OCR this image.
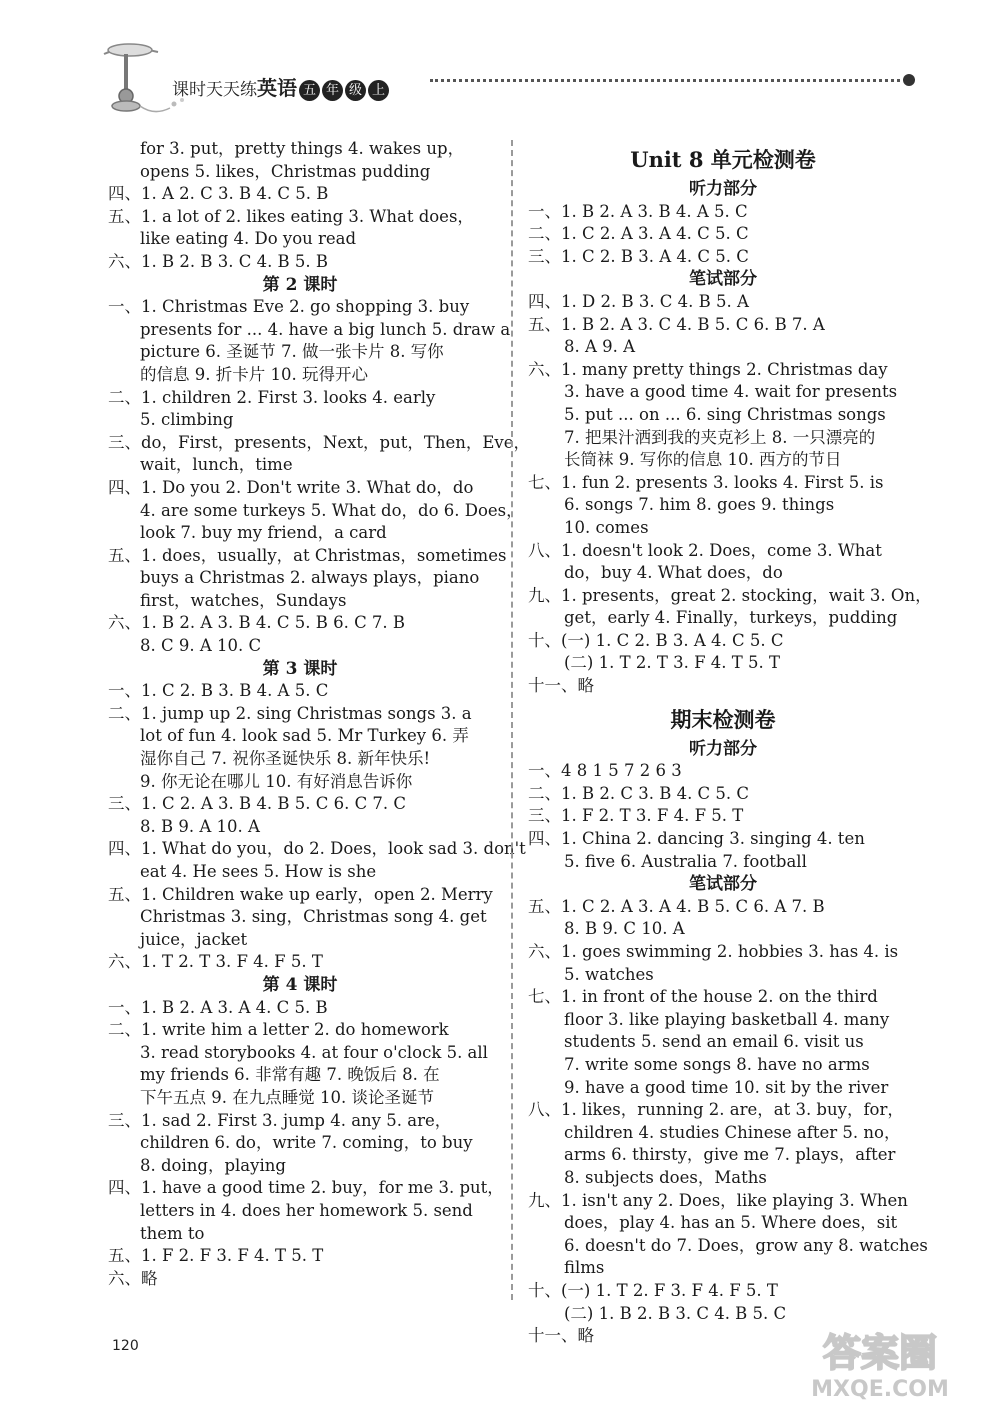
课时天天练英语 五 年 级 上
for 3. put，pretty things 4. wakes up，
opens 5. likes，Christmas pudding
四、1. A 2. C 3. B 4. C 5. B
五、1. a lot of 2. likes eating 3. What does，
like eating 4. Do you read
六、1. B 2. B 3. C 4. B 5. B
第 2 课时
一、1. Christmas Eve 2. go shopping 3. buy
presents for ... 4. have a big lunch 5. draw a
picture 6. 圣诞节 7. 做一张卡片 8. 写你
的信息 9. 折卡片 10. 玩得开心
二、1. children 2. First 3. looks 4. early
5. climbing
三、do，First，presents，Next，put，Then，Eve，
wait，lunch，time
四、1. Do you 2. Don't write 3. What do，do
4. are some turkeys 5. What do，do 6. Does，
look 7. buy my friend，a card
五、1. does，usually，at Christmas，sometimes
buys a Christmas 2. always plays，piano
first，watches，Sundays
六、1. B 2. A 3. B 4. C 5. B 6. C 7. B
8. C 9. A 10. C
第 3 课时
一、1. C 2. B 3. B 4. A 5. C
二、1. jump up 2. sing Christmas songs 3. a
lot of fun 4. look sad 5. Mr Turkey 6. 弄
湿你自己 7. 祝你圣诞快乐 8. 新年快乐!
9. 你无论在哪儿 10. 有好消息告诉你
三、1. C 2. A 3. B 4. B 5. C 6. C 7. C
8. B 9. A 10. A
四、1. What do you，do 2. Does，look sad 3. don't
eat 4. He sees 5. How is she
五、1. Children wake up early，open 2. Merry
Christmas 3. sing，Christmas song 4. get
juice，jacket
六、1. T 2. T 3. F 4. F 5. T
第 4 课时
一、1. B 2. A 3. A 4. C 5. B
二、1. write him a letter 2. do homework
3. read storybooks 4. at four o'clock 5. all
my friends 6. 非常有趣 7. 晚饭后 8. 在
下午五点 9. 在九点睡觉 10. 谈论圣诞节
三、1. sad 2. First 3. jump 4. any 5. are，
children 6. do，write 7. coming，to buy
8. doing，playing
四、1. have a good time 2. buy，for me 3. put，
letters in 4. does her homework 5. send
them to
五、1. F 2. F 3. F 4. T 5. T
六、略
Unit 8 单元检测卷
听力部分
一、1. B 2. A 3. B 4. A 5. C
二、1. C 2. A 3. A 4. C 5. C
三、1. C 2. B 3. A 4. C 5. C
笔试部分
四、1. D 2. B 3. C 4. B 5. A
五、1. B 2. A 3. C 4. B 5. C 6. B 7. A
8. A 9. A
六、1. many pretty things 2. Christmas day
3. have a good time 4. wait for presents
5. put ... on ... 6. sing Christmas songs
7. 把果汁洒到我的夹克衫上 8. 一只漂亮的
长筒袜 9. 写你的信息 10. 西方的节日
七、1. fun 2. presents 3. looks 4. First 5. is
6. songs 7. him 8. goes 9. things
10. comes
八、1. doesn't look 2. Does，come 3. What
do，buy 4. What does，do
九、1. presents，great 2. stocking，wait 3. On，
get，early 4. Finally，turkeys，pudding
十、(一) 1. C 2. B 3. A 4. C 5. C
(二) 1. T 2. T 3. F 4. T 5. T
十一、略
期末检测卷
听力部分
一、4 8 1 5 7 2 6 3
二、1. B 2. C 3. B 4. C 5. C
三、1. F 2. T 3. F 4. F 5. T
四、1. China 2. dancing 3. singing 4. ten
5. five 6. Australia 7. football
笔试部分
五、1. C 2. A 3. A 4. B 5. C 6. A 7. B
8. B 9. C 10. A
六、1. goes swimming 2. hobbies 3. has 4. is
5. watches
七、1. in front of the house 2. on the third
floor 3. like playing basketball 4. many
students 5. send an email 6. visit us
7. write some songs 8. have no arms
9. have a good time 10. sit by the river
八、1. likes，running 2. are，at 3. buy，for，
children 4. studies Chinese after 5. no，
arms 6. thirsty，give me 7. plays，after
8. subjects does，Maths
九、1. isn't any 2. Does，like playing 3. When
does，play 4. has an 5. Where does，sit
6. doesn't do 7. Does，grow any 8. watches
films
十、(一) 1. T 2. F 3. F 4. F 5. T
(二) 1. B 2. B 3. C 4. B 5. C
十一、略
120	答案圈
MXQE.COM
